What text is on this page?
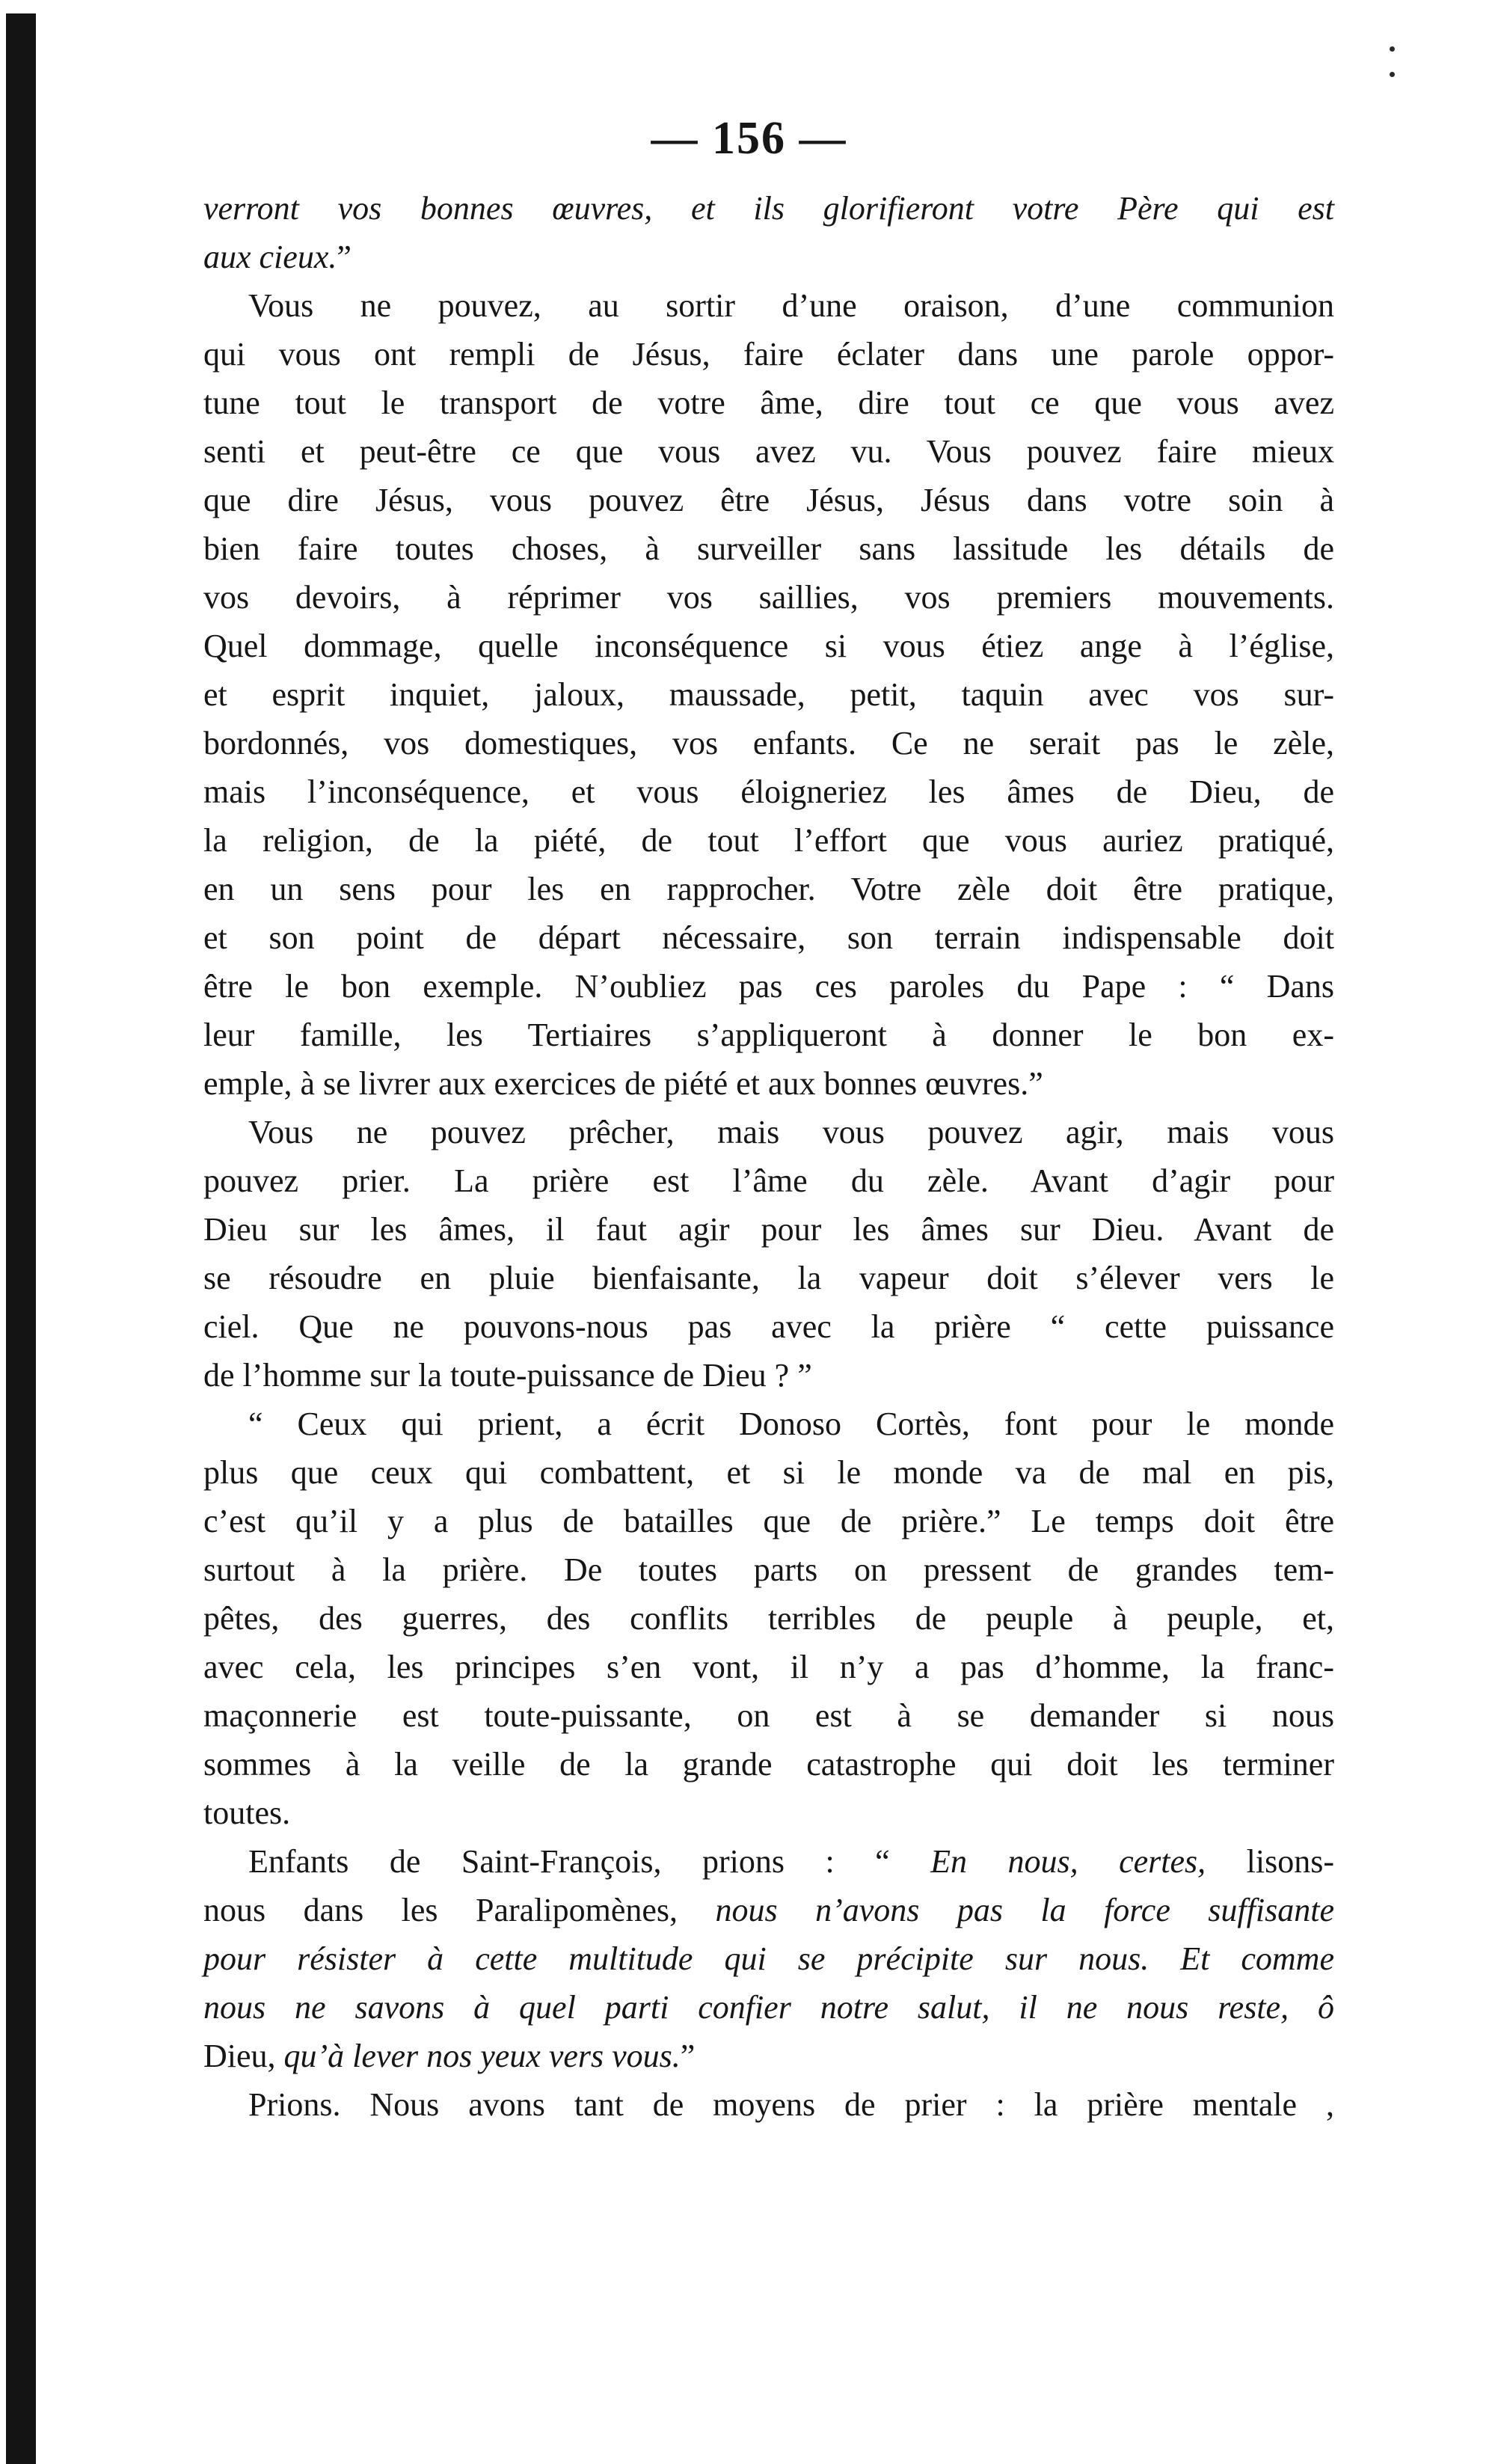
— 156 —
verront vos bonnes œuvres, et ils glorifieront votre Père qui est
aux cieux.”
Vous ne pouvez, au sortir d’une oraison, d’une communion
qui vous ont rempli de Jésus, faire éclater dans une parole oppor-
tune tout le transport de votre âme, dire tout ce que vous avez
senti et peut-être ce que vous avez vu. Vous pouvez faire mieux
que dire Jésus, vous pouvez être Jésus, Jésus dans votre soin à
bien faire toutes choses, à surveiller sans lassitude les détails de
vos devoirs, à réprimer vos saillies, vos premiers mouvements.
Quel dommage, quelle inconséquence si vous étiez ange à l’église,
et esprit inquiet, jaloux, maussade, petit, taquin avec vos sur-
bordonnés, vos domestiques, vos enfants. Ce ne serait pas le zèle,
mais l’inconséquence, et vous éloigneriez les âmes de Dieu, de
la religion, de la piété, de tout l’effort que vous auriez pratiqué,
en un sens pour les en rapprocher. Votre zèle doit être pratique,
et son point de départ nécessaire, son terrain indispensable doit
être le bon exemple. N’oubliez pas ces paroles du Pape : “ Dans
leur famille, les Tertiaires s’appliqueront à donner le bon ex-
emple, à se livrer aux exercices de piété et aux bonnes œuvres.”
Vous ne pouvez prêcher, mais vous pouvez agir, mais vous
pouvez prier. La prière est l’âme du zèle. Avant d’agir pour
Dieu sur les âmes, il faut agir pour les âmes sur Dieu. Avant de
se résoudre en pluie bienfaisante, la vapeur doit s’élever vers le
ciel. Que ne pouvons-nous pas avec la prière “ cette puissance
de l’homme sur la toute-puissance de Dieu ? ”
“ Ceux qui prient, a écrit Donoso Cortès, font pour le monde
plus que ceux qui combattent, et si le monde va de mal en pis,
c’est qu’il y a plus de batailles que de prière.” Le temps doit être
surtout à la prière. De toutes parts on pressent de grandes tem-
pêtes, des guerres, des conflits terribles de peuple à peuple, et,
avec cela, les principes s’en vont, il n’y a pas d’homme, la franc-
maçonnerie est toute-puissante, on est à se demander si nous
sommes à la veille de la grande catastrophe qui doit les terminer
toutes.
Enfants de Saint-François, prions : “ En nous, certes, lisons-
nous dans les Paralipomènes, nous n’avons pas la force suffisante
pour résister à cette multitude qui se précipite sur nous. Et comme
nous ne savons à quel parti confier notre salut, il ne nous reste, ô
Dieu, qu’à lever nos yeux vers vous.”
Prions. Nous avons tant de moyens de prier : la prière mentale ,
